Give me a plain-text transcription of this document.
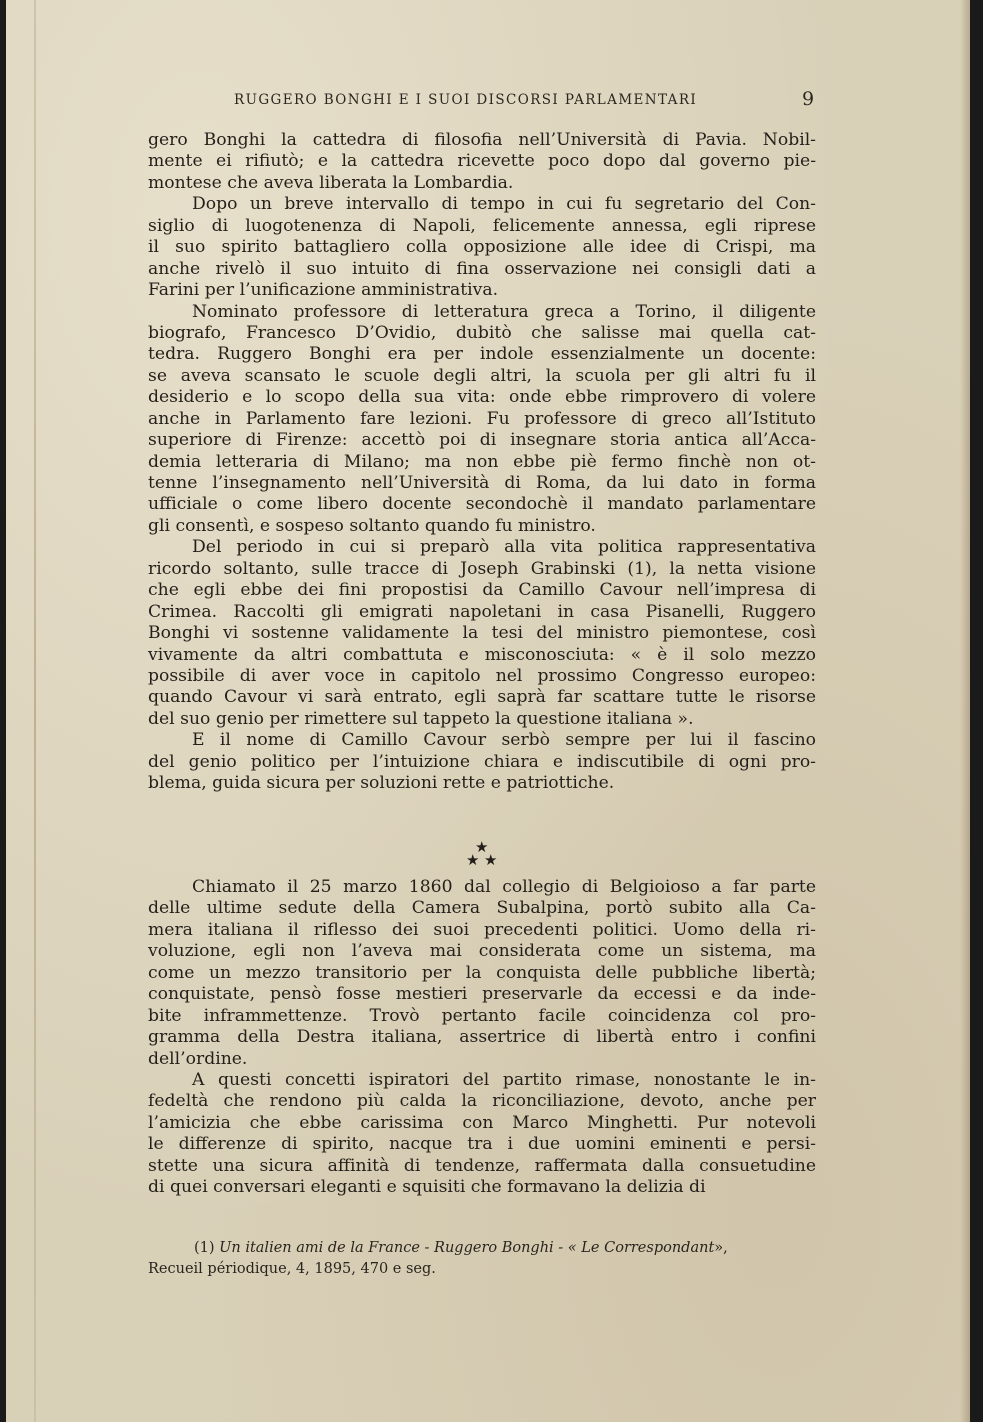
RUGGERO BONGHI E I SUOI DISCORSI PARLAMENTARI	9
gero Bonghi la cattedra di filosofia nell’Università di Pavia. Nobil-
mente ei rifiutò; e la cattedra ricevette poco dopo dal governo pie-
montese che aveva liberata la Lombardia.
Dopo un breve intervallo di tempo in cui fu segretario del Con-
siglio di luogotenenza di Napoli, felicemente annessa, egli riprese
il suo spirito battagliero colla opposizione alle idee di Crispi, ma
anche rivelò il suo intuito di fina osservazione nei consigli dati a
Farini per l’unificazione amministrativa.
Nominato professore di letteratura greca a Torino, il diligente
biografo, Francesco D’Ovidio, dubitò che salisse mai quella cat-
tedra. Ruggero Bonghi era per indole essenzialmente un docente:
se aveva scansato le scuole degli altri, la scuola per gli altri fu il
desiderio e lo scopo della sua vita: onde ebbe rimprovero di volere
anche in Parlamento fare lezioni. Fu professore di greco all’Istituto
superiore di Firenze: accettò poi di insegnare storia antica all’Acca-
demia letteraria di Milano; ma non ebbe piè fermo finchè non ot-
tenne l’insegnamento nell’Università di Roma, da lui dato in forma
ufficiale o come libero docente secondochè il mandato parlamentare
gli consentì, e sospeso soltanto quando fu ministro.
Del periodo in cui si preparò alla vita politica rappresentativa
ricordo soltanto, sulle tracce di Joseph Grabinski (1), la netta visione
che egli ebbe dei fini propostisi da Camillo Cavour nell’impresa di
Crimea. Raccolti gli emigrati napoletani in casa Pisanelli, Ruggero
Bonghi vi sostenne validamente la tesi del ministro piemontese, così
vivamente da altri combattuta e misconosciuta: « è il solo mezzo
possibile di aver voce in capitolo nel prossimo Congresso europeo:
quando Cavour vi sarà entrato, egli saprà far scattare tutte le risorse
del suo genio per rimettere sul tappeto la questione italiana ».
E il nome di Camillo Cavour serbò sempre per lui il fascino
del genio politico per l’intuizione chiara e indiscutibile di ogni pro-
blema, guida sicura per soluzioni rette e patriottiche.
★
★ ★
Chiamato il 25 marzo 1860 dal collegio di Belgioioso a far parte
delle ultime sedute della Camera Subalpina, portò subito alla Ca-
mera italiana il riflesso dei suoi precedenti politici. Uomo della ri-
voluzione, egli non l’aveva mai considerata come un sistema, ma
come un mezzo transitorio per la conquista delle pubbliche libertà;
conquistate, pensò fosse mestieri preservarle da eccessi e da inde-
bite inframmettenze. Trovò pertanto facile coincidenza col pro-
gramma della Destra italiana, assertrice di libertà entro i confini
dell’ordine.
A questi concetti ispiratori del partito rimase, nonostante le in-
fedeltà che rendono più calda la riconciliazione, devoto, anche per
l’amicizia che ebbe carissima con Marco Minghetti. Pur notevoli
le differenze di spirito, nacque tra i due uomini eminenti e persi-
stette una sicura affinità di tendenze, raffermata dalla consuetudine
di quei conversari eleganti e squisiti che formavano la delizia di
(1) Un italien ami de la France - Ruggero Bonghi - « Le Correspondant»,
Recueil périodique, 4, 1895, 470 e seg.
